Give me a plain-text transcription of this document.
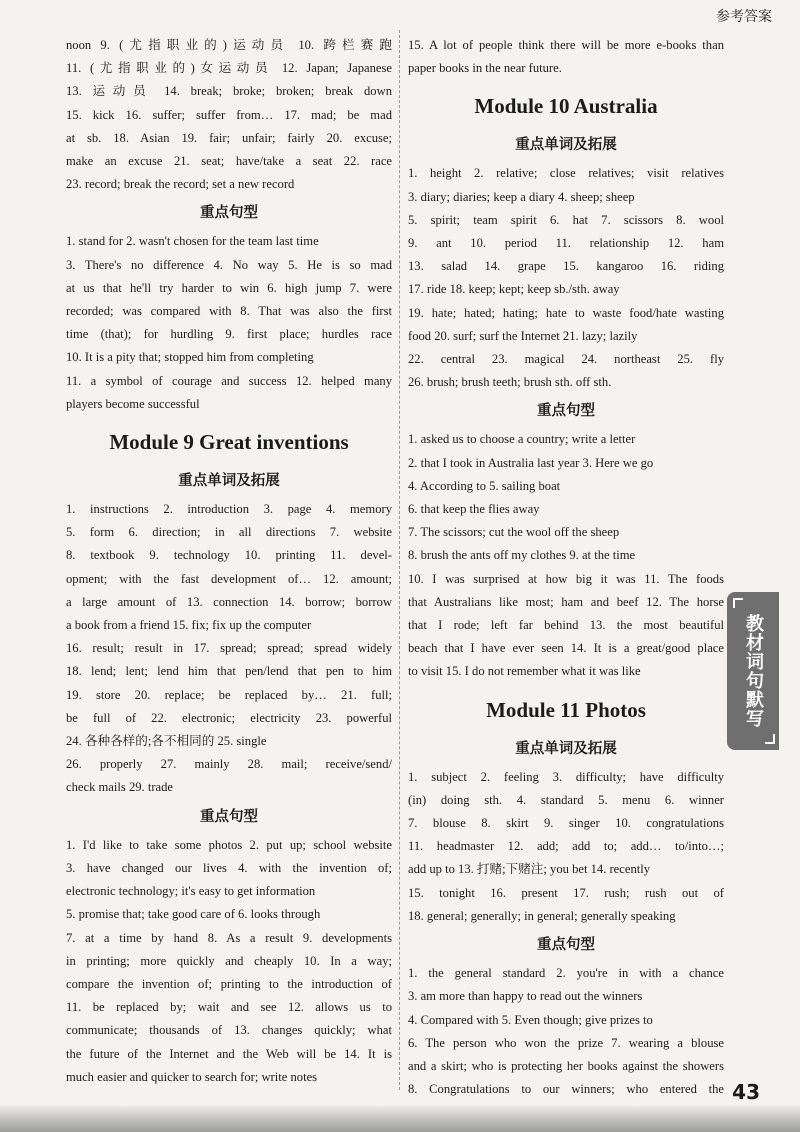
参考答案
noon 9. (尤指职业的)运动员 10. 跨栏赛跑
11. (尤指职业的)女运动员 12. Japan; Japanese
13. 运动员 14. break; broke; broken; break down
15. kick 16. suffer; suffer from… 17. mad; be mad
at sb. 18. Asian 19. fair; unfair; fairly 20. excuse;
make an excuse 21. seat; have/take a seat 22. race
23. record; break the record; set a new record
重点句型
1. stand for 2. wasn't chosen for the team last time
3. There's no difference 4. No way 5. He is so mad
at us that he'll try harder to win 6. high jump 7. were
recorded; was compared with 8. That was also the first
time (that); for hurdling 9. first place; hurdles race
10. It is a pity that; stopped him from completing
11. a symbol of courage and success 12. helped many
players become successful
Module 9 Great inventions
重点单词及拓展
1. instructions 2. introduction 3. page 4. memory
5. form 6. direction; in all directions 7. website
8. textbook 9. technology 10. printing 11. devel-
opment; with the fast development of… 12. amount;
a large amount of 13. connection 14. borrow; borrow
a book from a friend 15. fix; fix up the computer
16. result; result in 17. spread; spread; spread widely
18. lend; lent; lend him that pen/lend that pen to him
19. store 20. replace; be replaced by… 21. full;
be full of 22. electronic; electricity 23. powerful
24. 各种各样的;各不相同的 25. single
26. properly 27. mainly 28. mail; receive/send/
check mails 29. trade
重点句型
1. I'd like to take some photos 2. put up; school website
3. have changed our lives 4. with the invention of;
electronic technology; it's easy to get information
5. promise that; take good care of 6. looks through
7. at a time by hand 8. As a result 9. developments
in printing; more quickly and cheaply 10. In a way;
compare the invention of; printing to the introduction of
11. be replaced by; wait and see 12. allows us to
communicate; thousands of 13. changes quickly; what
the future of the Internet and the Web will be 14. It is
much easier and quicker to search for; write notes
15. A lot of people think there will be more e-books than
paper books in the near future.
Module 10 Australia
重点单词及拓展
1. height 2. relative; close relatives; visit relatives
3. diary; diaries; keep a diary 4. sheep; sheep
5. spirit; team spirit 6. hat 7. scissors 8. wool
9. ant 10. period 11. relationship 12. ham
13. salad 14. grape 15. kangaroo 16. riding
17. ride 18. keep; kept; keep sb./sth. away
19. hate; hated; hating; hate to waste food/hate wasting
food 20. surf; surf the Internet 21. lazy; lazily
22. central 23. magical 24. northeast 25. fly
26. brush; brush teeth; brush sth. off sth.
重点句型
1. asked us to choose a country; write a letter
2. that I took in Australia last year 3. Here we go
4. According to 5. sailing boat
6. that keep the flies away
7. The scissors; cut the wool off the sheep
8. brush the ants off my clothes 9. at the time
10. I was surprised at how big it was 11. The foods
that Australians like most; ham and beef 12. The horse
that I rode; left far behind 13. the most beautiful
beach that I have ever seen 14. It is a great/good place
to visit 15. I do not remember what it was like
Module 11 Photos
重点单词及拓展
1. subject 2. feeling 3. difficulty; have difficulty
(in) doing sth. 4. standard 5. menu 6. winner
7. blouse 8. skirt 9. singer 10. congratulations
11. headmaster 12. add; add to; add… to/into…;
add up to 13. 打赌;下赌注; you bet 14. recently
15. tonight 16. present 17. rush; rush out of
18. general; generally; in general; generally speaking
重点句型
1. the general standard 2. you're in with a chance
3. am more than happy to read out the winners
4. Compared with 5. Even though; give prizes to
6. The person who won the prize 7. wearing a blouse
and a skirt; who is protecting her books against the showers
8. Congratulations to our winners; who entered the
教材词句默写
43
